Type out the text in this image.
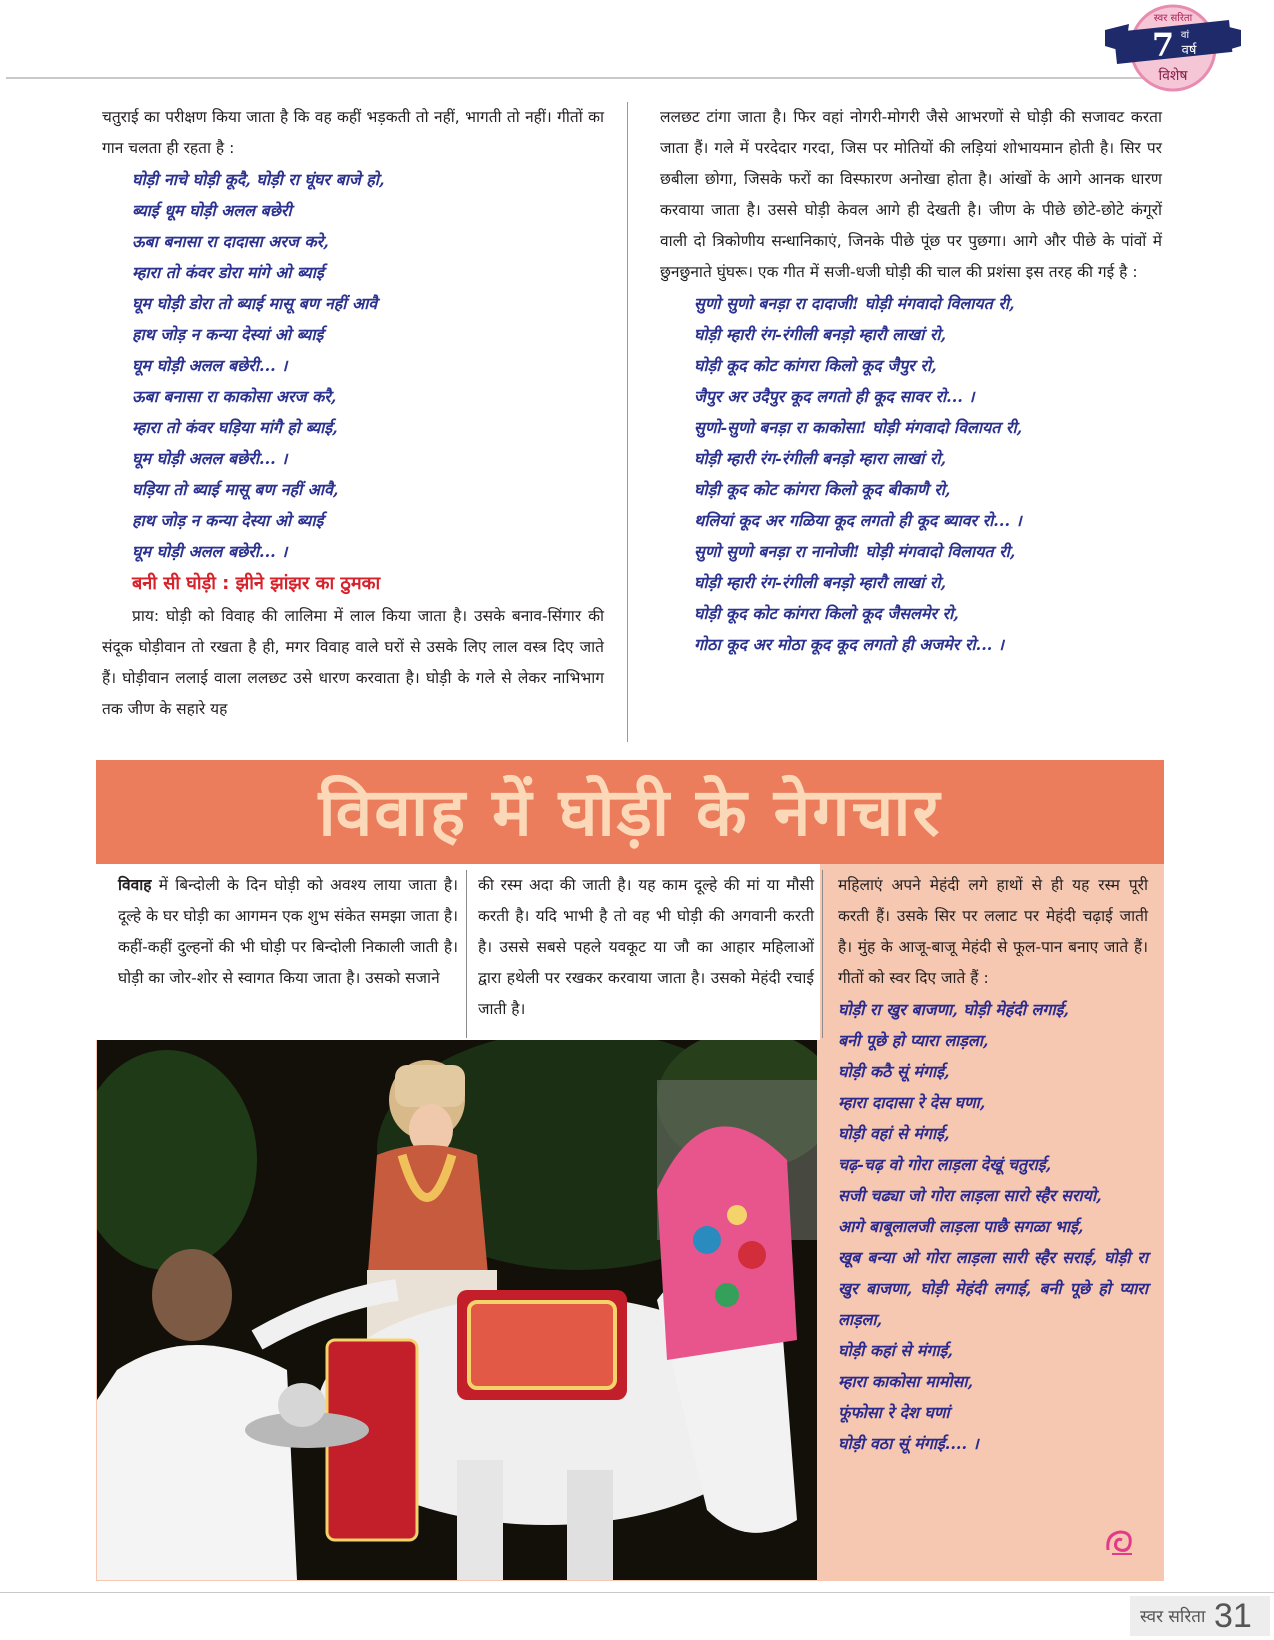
स्वर सरिता
7 वां
वर्ष
विशेष

चतुराई का परीक्षण किया जाता है कि वह कहीं भड़कती तो नहीं, भागती तो नहीं। गीतों का गान चलता ही रहता है :

घोड़ी नाचे घोड़ी कूदै, घोड़ी रा घूंघर बाजे हो,
ब्याई धूम घोड़ी अलल बछेरी
ऊबा बनासा रा दादासा अरज करे,
म्हारा तो कंवर डोरा मांगे ओ ब्याई
घूम घोड़ी डोरा तो ब्याई मासू बण नहीं आवै
हाथ जोड़ न कन्या देस्यां ओ ब्याई
घूम घोड़ी अलल बछेरी... ।
ऊबा बनासा रा काकोसा अरज करै,
म्हारा तो कंवर घड़िया मांगै हो ब्याई,
घूम घोड़ी अलल बछेरी... ।
घड़िया तो ब्याई मासू बण नहीं आवै,
हाथ जोड़ न कन्या देस्या ओ ब्याई
घूम घोड़ी अलल बछेरी... ।
बनी सी घोड़ी : झीने झांझर का ठुमका

प्राय: घोड़ी को विवाह की लालिमा में लाल किया जाता है। उसके बनाव-सिंगार की संदूक घोड़ीवान तो रखता है ही, मगर विवाह वाले घरों से उसके लिए लाल वस्त्र दिए जाते हैं। घोड़ीवान ललाई वाला ललछट उसे धारण करवाता है। घोड़ी के गले से लेकर नाभिभाग तक जीण के सहारे यह

ललछट टांगा जाता है। फिर वहां नोगरी-मोगरी जैसे आभरणों से घोड़ी की सजावट करता जाता हैं। गले में परदेदार गरदा, जिस पर मोतियों की लड़ियां शोभायमान होती है। सिर पर छबीला छोगा, जिसके फरों का विस्फारण अनोखा होता है। आंखों के आगे आनक धारण करवाया जाता है। उससे घोड़ी केवल आगे ही देखती है। जीण के पीछे छोटे-छोटे कंगूरों वाली दो त्रिकोणीय सन्धानिकाएं, जिनके पीछे पूंछ पर पुछगा। आगे और पीछे के पांवों में छुनछुनाते घुंघरू। एक गीत में सजी-धजी घोड़ी की चाल की प्रशंसा इस तरह की गई है :

सुणो सुणो बनड़ा रा दादाजी! घोड़ी मंगवादो विलायत री,
घोड़ी म्हारी रंग-रंगीली बनड़ो म्हारौ लाखां रो,
घोड़ी कूद कोट कांगरा किलो कूद जैपुर रो,
जैपुर अर उदैपुर कूद लगतो ही कूद सावर रो... ।
सुणो-सुणो बनड़ा रा काकोसा! घोड़ी मंगवादो विलायत री,
घोड़ी म्हारी रंग-रंगीली बनड़ो म्हारा लाखां रो,
घोड़ी कूद कोट कांगरा किलो कूद बीकाणै रो,
थलियां कूद अर गळिया कूद लगतो ही कूद ब्यावर रो... ।
सुणो सुणो बनड़ा रा नानोजी! घोड़ी मंगवादो विलायत री,
घोड़ी म्हारी रंग-रंगीली बनड़ो म्हारौ लाखां रो,
घोड़ी कूद कोट कांगरा किलो कूद जैसलमेर रो,
गोठा कूद अर मोठा कूद कूद लगतो ही अजमेर रो... ।
विवाह में घोड़ी के नेगचार
विवाह में बिन्दोली के दिन घोड़ी को अवश्य लाया जाता है। दूल्हे के घर घोड़ी का आगमन एक शुभ संकेत समझा जाता है। कहीं-कहीं दुल्हनों की भी घोड़ी पर बिन्दोली निकाली जाती है। घोड़ी का जोर-शोर से स्वागत किया जाता है। उसको सजाने
की रस्म अदा की जाती है। यह काम दूल्हे की मां या मौसी करती है। यदि भाभी है तो वह भी घोड़ी की अगवानी करती है। उससे सबसे पहले यवकूट या जौ का आहार महिलाओं द्वारा हथेली पर रखकर करवाया जाता है। उसको मेहंदी रचाई जाती है।
महिलाएं अपने मेहंदी लगे हाथों से ही यह रस्म पूरी करती हैं। उसके सिर पर ललाट पर मेहंदी चढ़ाई जाती है। मुंह के आजू-बाजू मेहंदी से फूल-पान बनाए जाते हैं। गीतों को स्वर दिए जाते हैं :
घोड़ी रा खुर बाजणा, घोड़ी मेहंदी लगाई,
बनी पूछे हो प्यारा लाड़ला,
घोड़ी कठै सूं मंगाई,
म्हारा दादासा रे देस घणा,
घोड़ी वहां से मंगाई,
चढ़-चढ़ वो गोरा लाड़ला देखूं चतुराई,
सजी चढ्या जो गोरा लाड़ला सारो स्हैर सरायो,
आगे बाबूलालजी लाड़ला पाछै सगळा भाई,
खूब बन्या ओ गोरा लाड़ला सारी स्हैर सराई, घोड़ी रा खुर बाजणा, घोड़ी मेहंदी लगाई, बनी पूछे हो प्यारा लाड़ला,
घोड़ी कहां से मंगाई,
म्हारा काकोसा मामोसा,
फूंफोसा रे देश घणां
घोड़ी वठा सूं मंगाई.... ।
स्वर सरिता 31
